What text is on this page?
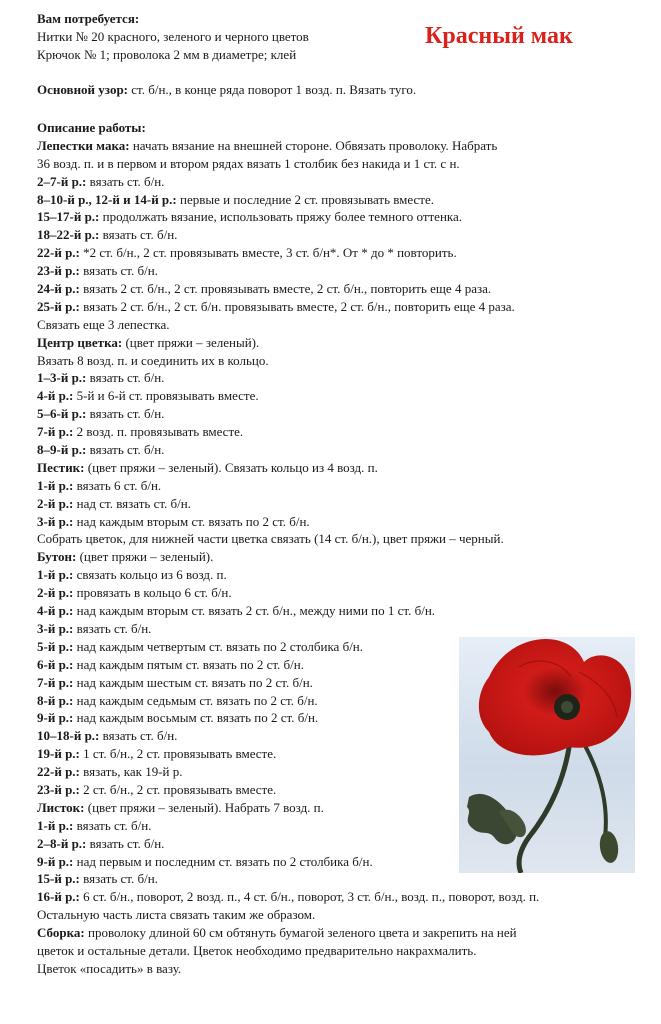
Красный мак
Вам потребуется:
Нитки № 20 красного, зеленого и черного цветов
Крючок № 1; проволока 2 мм в диаметре; клей
Основной узор: ст. б/н., в конце ряда поворот 1 возд. п. Вязать туго.
Описание работы:
Лепестки мака: начать вязание на внешней стороне. Обвязать проволоку. Набрать
36 возд. п. и в первом и втором рядах вязать 1 столбик без накида и 1 ст. с н.
2–7-й р.: вязать ст. б/н.
8–10-й р., 12-й и 14-й р.: первые и последние 2 ст. провязывать вместе.
15–17-й р.: продолжать вязание, использовать пряжу более темного оттенка.
18–22-й р.: вязать ст. б/н.
22-й р.: *2 ст. б/н., 2 ст. провязывать вместе, 3 ст. б/н*. От * до * повторить.
23-й р.: вязать ст. б/н.
24-й р.: вязать 2 ст. б/н., 2 ст. провязывать вместе, 2 ст. б/н., повторить еще 4 раза.
25-й р.: вязать 2 ст. б/н., 2 ст. б/н. провязывать вместе, 2 ст. б/н., повторить еще 4 раза.
Связать еще 3 лепестка.
Центр цветка: (цвет пряжи – зеленый).
Вязать 8 возд. п. и соединить их в кольцо.
1–3-й р.: вязать ст. б/н.
4-й р.: 5-й и 6-й ст. провязывать вместе.
5–6-й р.: вязать ст. б/н.
7-й р.: 2 возд. п. провязывать вместе.
8–9-й р.: вязать ст. б/н.
Пестик: (цвет пряжи – зеленый). Связать кольцо из 4 возд. п.
1-й р.: вязать 6 ст. б/н.
2-й р.: над ст. вязать ст. б/н.
3-й р.: над каждым вторым ст. вязать по 2 ст. б/н.
Собрать цветок, для нижней части цветка связать (14 ст. б/н.), цвет пряжи – черный.
Бутон: (цвет пряжи – зеленый).
1-й р.: связать кольцо из 6 возд. п.
2-й р.: провязать в кольцо 6 ст. б/н.
4-й р.: над каждым вторым ст. вязать 2 ст. б/н., между ними по 1 ст. б/н.
3-й р.: вязать ст. б/н.
5-й р.: над каждым четвертым ст. вязать по 2 столбика б/н.
6-й р.: над каждым пятым ст. вязать по 2 ст. б/н.
7-й р.: над каждым шестым ст. вязать по 2 ст. б/н.
8-й р.: над каждым седьмым ст. вязать по 2 ст. б/н.
9-й р.: над каждым восьмым ст. вязать по 2 ст. б/н.
10–18-й р.: вязать ст. б/н.
19-й р.: 1 ст. б/н., 2 ст. провязывать вместе.
22-й р.: вязать, как 19-й р.
23-й р.: 2 ст. б/н., 2 ст. провязывать вместе.
Листок: (цвет пряжи – зеленый). Набрать 7 возд. п.
1-й р.: вязать ст. б/н.
2–8-й р.: вязать ст. б/н.
9-й р.: над первым и последним ст. вязать по 2 столбика б/н.
15-й р.: вязать ст. б/н.
16-й р.: 6 ст. б/н., поворот, 2 возд. п., 4 ст. б/н., поворот, 3 ст. б/н., возд. п., поворот, возд. п.
Остальную часть листа связать таким же образом.
Сборка: проволоку длиной 60 см обтянуть бумагой зеленого цвета и закрепить на ней
цветок и остальные детали. Цветок необходимо предварительно накрахмалить.
Цветок «посадить» в вазу.
